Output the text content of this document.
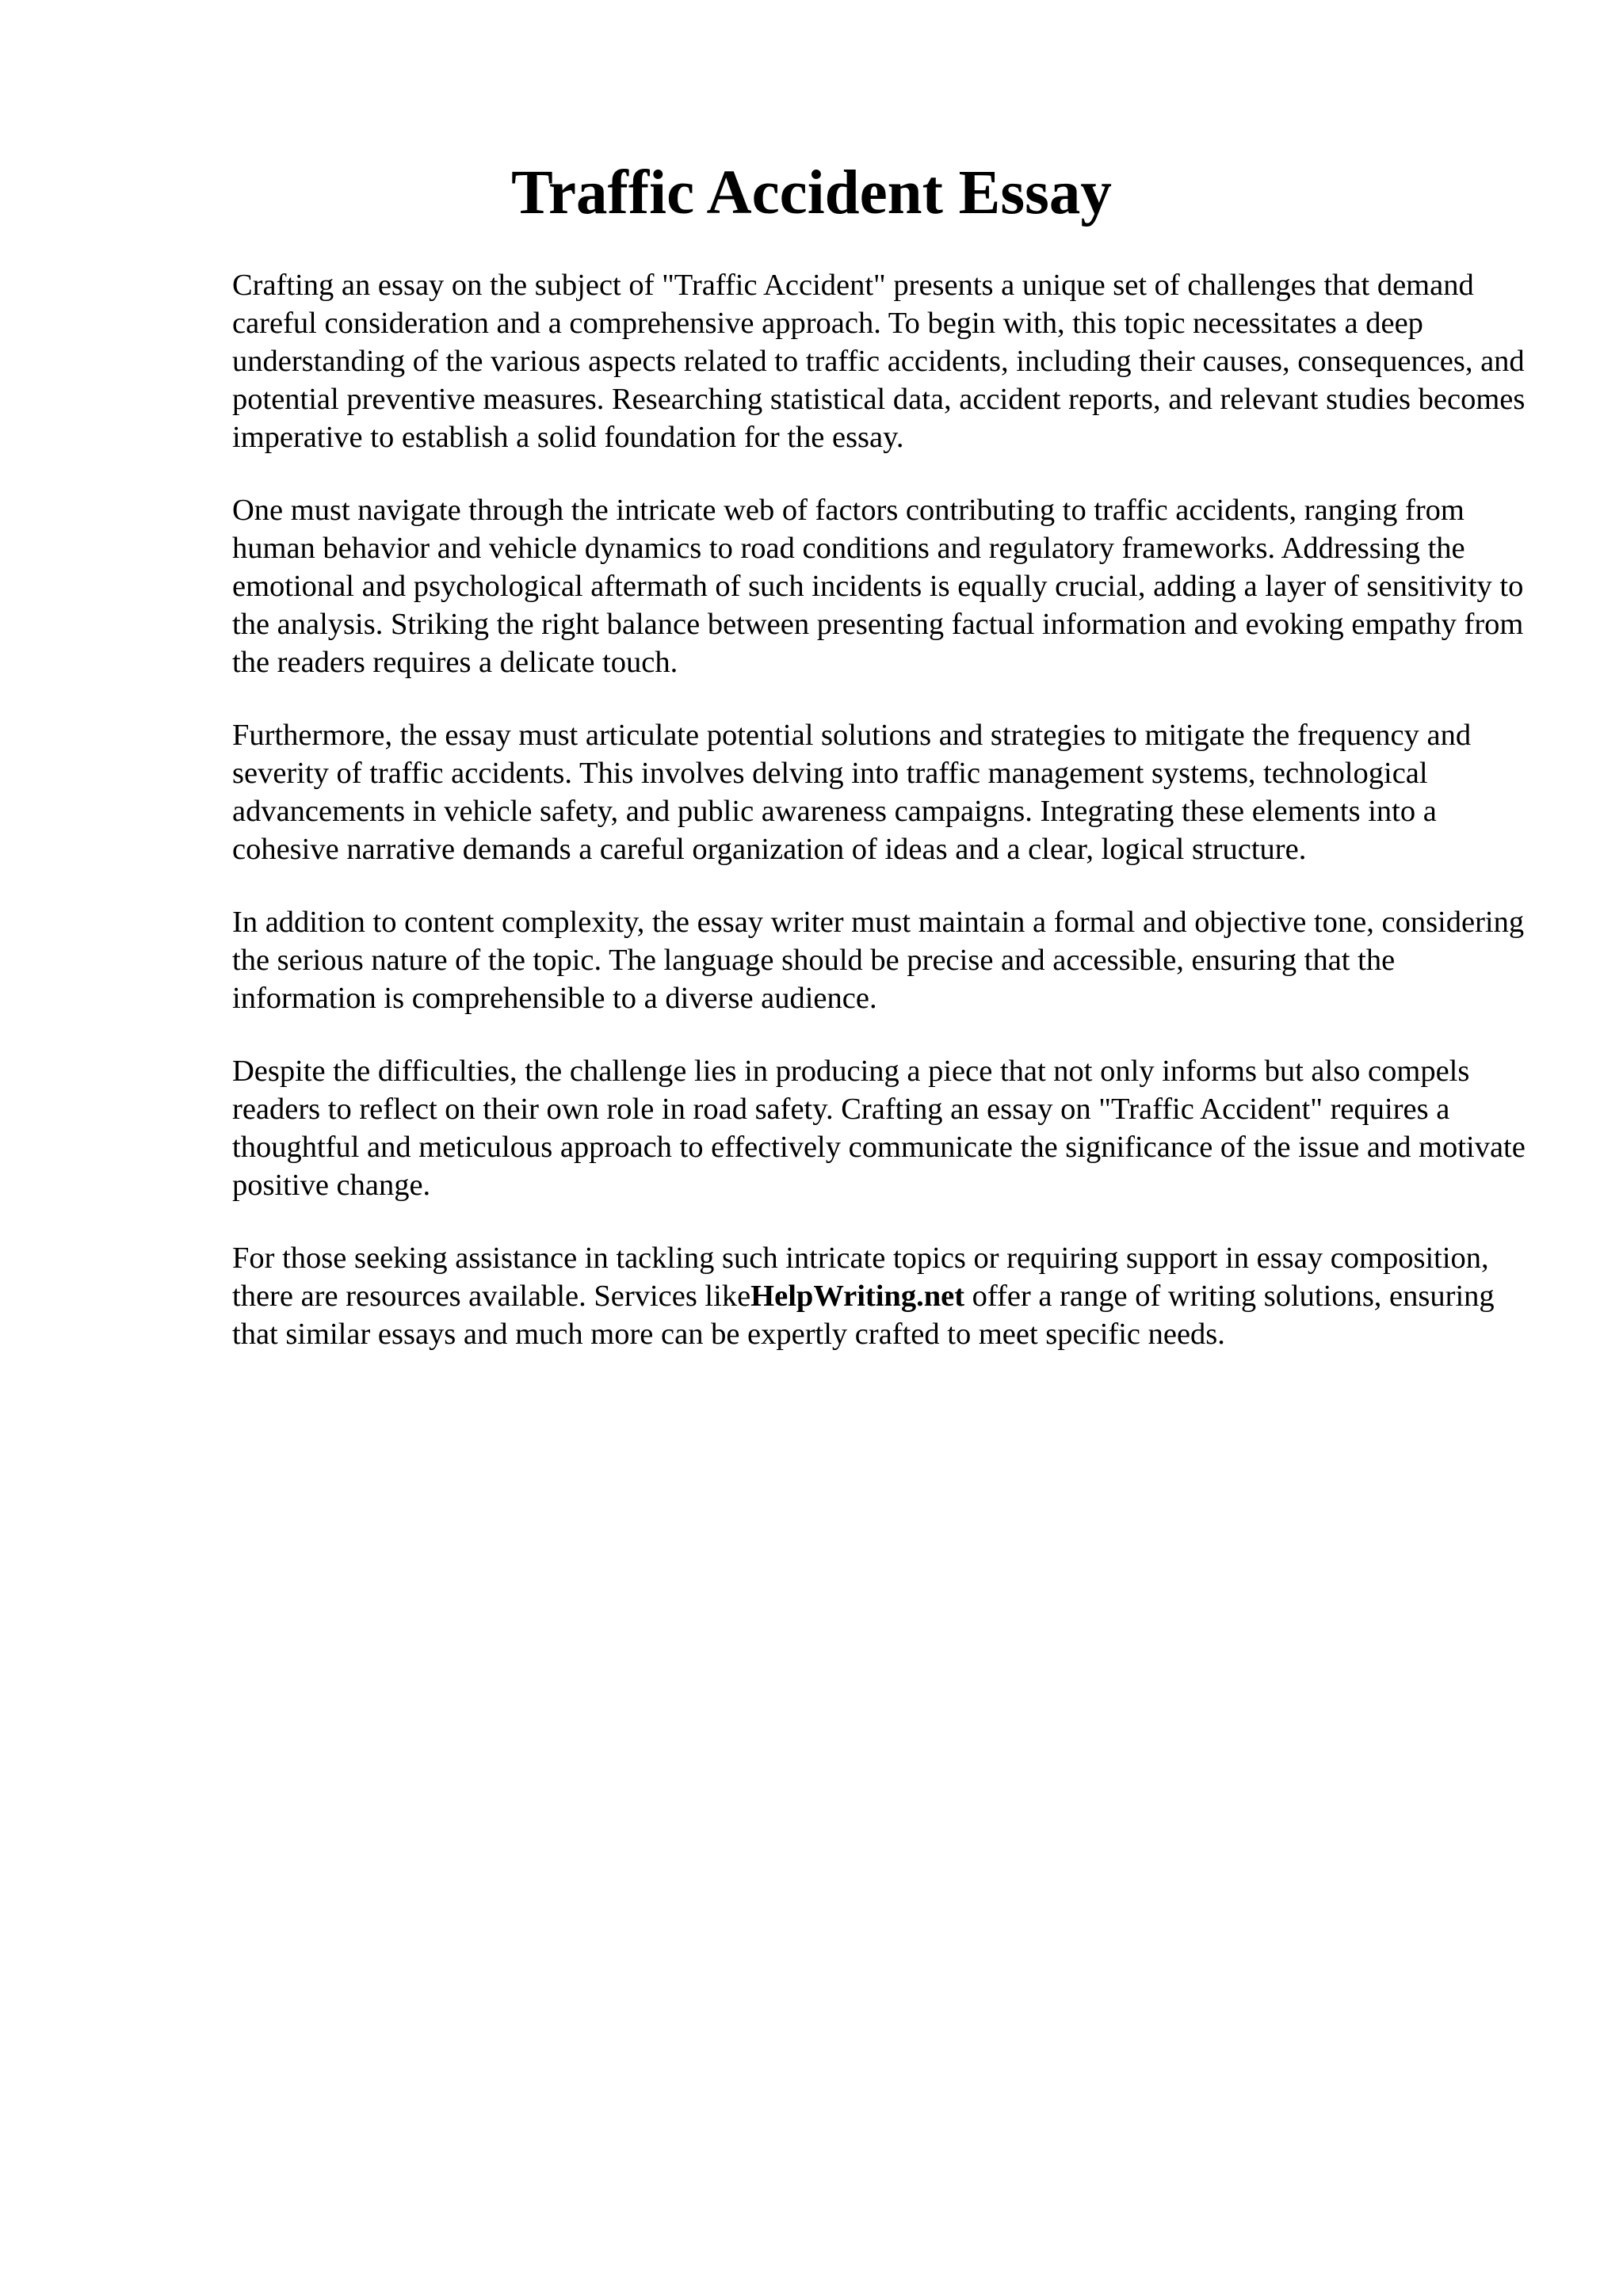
Traffic Accident Essay

Crafting an essay on the subject of "Traffic Accident" presents a unique set of challenges that demand careful consideration and a comprehensive approach. To begin with, this topic necessitates a deep understanding of the various aspects related to traffic accidents, including their causes, consequences, and potential preventive measures. Researching statistical data, accident reports, and relevant studies becomes imperative to establish a solid foundation for the essay.

One must navigate through the intricate web of factors contributing to traffic accidents, ranging from human behavior and vehicle dynamics to road conditions and regulatory frameworks. Addressing the emotional and psychological aftermath of such incidents is equally crucial, adding a layer of sensitivity to the analysis. Striking the right balance between presenting factual information and evoking empathy from the readers requires a delicate touch.

Furthermore, the essay must articulate potential solutions and strategies to mitigate the frequency and severity of traffic accidents. This involves delving into traffic management systems, technological advancements in vehicle safety, and public awareness campaigns. Integrating these elements into a cohesive narrative demands a careful organization of ideas and a clear, logical structure.

In addition to content complexity, the essay writer must maintain a formal and objective tone, considering the serious nature of the topic. The language should be precise and accessible, ensuring that the information is comprehensible to a diverse audience.

Despite the difficulties, the challenge lies in producing a piece that not only informs but also compels readers to reflect on their own role in road safety. Crafting an essay on "Traffic Accident" requires a thoughtful and meticulous approach to effectively communicate the significance of the issue and motivate positive change.

For those seeking assistance in tackling such intricate topics or requiring support in essay composition, there are resources available. Services likeHelpWriting.net offer a range of writing solutions, ensuring that similar essays and much more can be expertly crafted to meet specific needs.
